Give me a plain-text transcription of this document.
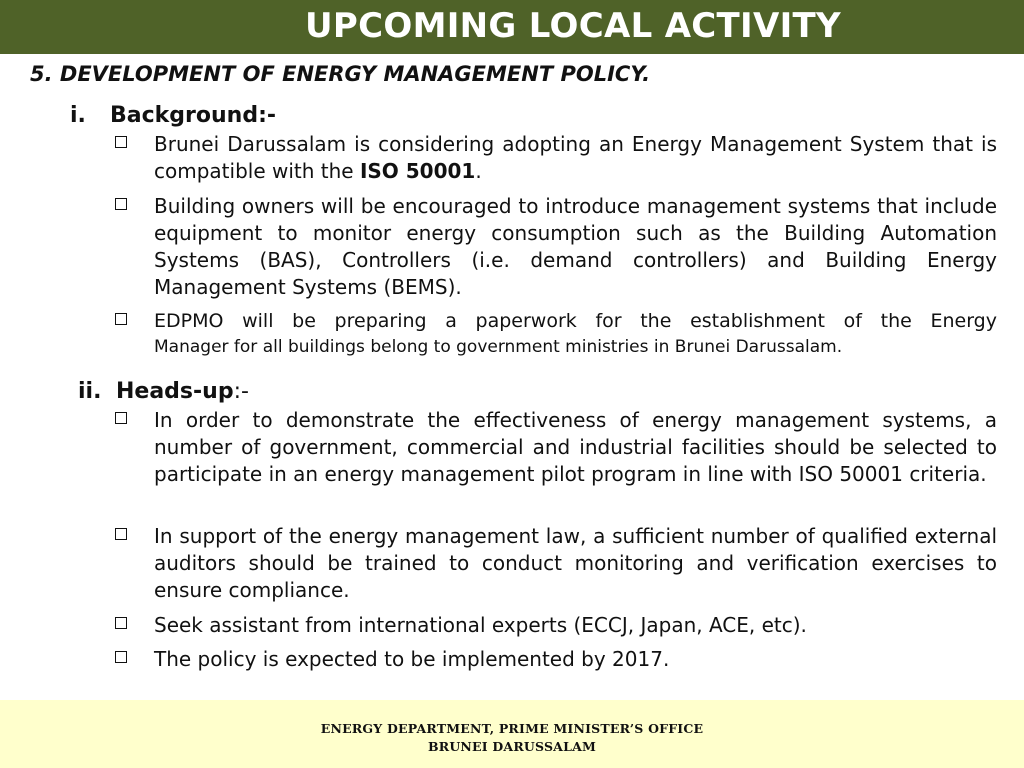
UPCOMING LOCAL ACTIVITY
5. DEVELOPMENT OF ENERGY MANAGEMENT POLICY.
i. Background:-
Brunei Darussalam is considering adopting an Energy Management System that is compatible with the ISO 50001.
Building owners will be encouraged to introduce management systems that include equipment to monitor energy consumption such as the Building Automation Systems (BAS), Controllers (i.e. demand controllers) and Building Energy Management Systems (BEMS).
EDPMO will be preparing a paperwork for the establishment of the Energy
Manager for all buildings belong to government ministries in Brunei Darussalam.
ii. Heads-up:-
In order to demonstrate the effectiveness of energy management systems, a number of government, commercial and industrial facilities should be selected to participate in an energy management pilot program in line with ISO 50001 criteria.
In support of the energy management law, a sufficient number of qualified external auditors should be trained to conduct monitoring and verification exercises to ensure compliance.
Seek assistant from international experts (ECCJ, Japan, ACE, etc).
The policy is expected to be implemented by 2017.
ENERGY DEPARTMENT, PRIME MINISTER’S OFFICE
BRUNEI DARUSSALAM
